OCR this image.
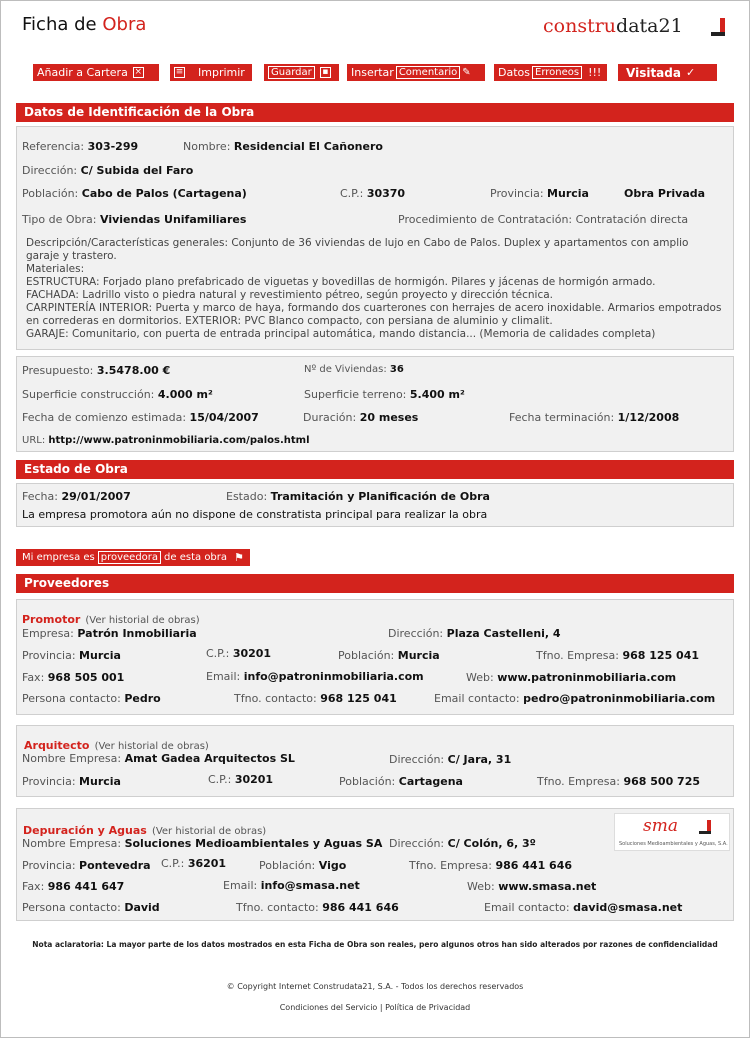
Ficha de Obra	construdata21
Añadir a Cartera ×	≡ Imprimir	Guardar	▪ Insertar Comentario ✎ Datos Erroneos !!! Visitada ✓
Datos de Identificación de la Obra
Referencia: 303-299	Nombre: Residencial El Cañonero
Dirección: C/ Subida del Faro
Población: Cabo de Palos (Cartagena)	C.P.: 30370	Provincia: Murcia	Obra Privada
Tipo de Obra: Viviendas Unifamiliares	Procedimiento de Contratación: Contratación directa
Descripción/Características generales: Conjunto de 36 viviendas de lujo en Cabo de Palos. Duplex y apartamentos con amplio garaje y trastero.
Materiales:
ESTRUCTURA: Forjado plano prefabricado de viguetas y bovedillas de hormigón. Pilares y jácenas de hormigón armado.
FACHADA: Ladrillo visto o piedra natural y revestimiento pétreo, según proyecto y dirección técnica.
CARPINTERÍA INTERIOR: Puerta y marco de haya, formando dos cuarterones con herrajes de acero inoxidable. Armarios empotrados en correderas en dormitorios. EXTERIOR: PVC Blanco compacto, con persiana de aluminio y climalit.
GARAJE: Comunitario, con puerta de entrada principal automática, mando distancia... (Memoria de calidades completa)
Presupuesto: 3.5478.00 €	Nº de Viviendas: 36
Superficie construcción: 4.000 m²	Superficie terreno: 5.400 m²
Fecha de comienzo estimada: 15/04/2007	Duración: 20 meses	Fecha terminación: 1/12/2008
URL: http://www.patroninmobiliaria.com/palos.html
Estado de Obra
Fecha: 29/01/2007	Estado: Tramitación y Planificación de Obra
La empresa promotora aún no dispone de constratista principal para realizar la obra
Mi empresa es proveedora de esta obra ⚑
Proveedores
Promotor (Ver historial de obras)
Empresa: Patrón Inmobiliaria	Dirección: Plaza Castelleni, 4
Provincia: Murcia	C.P.: 30201	Población: Murcia	Tfno. Empresa: 968 125 041
Fax: 968 505 001	Email: info@patroninmobiliaria.com	Web: www.patroninmobiliaria.com
Persona contacto: Pedro	Tfno. contacto: 968 125 041	Email contacto: pedro@patroninmobiliaria.com
Arquitecto (Ver historial de obras)
Nombre Empresa: Amat Gadea Arquitectos SL	Dirección: C/ Jara, 31
Provincia: Murcia	C.P.: 30201	Población: Cartagena	Tfno. Empresa: 968 500 725
Depuración y Aguas (Ver historial de obras)	sma
Soluciones Medioambientales y Aguas, S.A.
Nombre Empresa: Soluciones Medioambientales y Aguas SA Dirección: C/ Colón, 6, 3º
Provincia: Pontevedra C.P.: 36201	Población: Vigo	Tfno. Empresa: 986 441 646
Fax: 986 441 647	Email: info@smasa.net	Web: www.smasa.net
Persona contacto: David	Tfno. contacto: 986 441 646	Email contacto: david@smasa.net
Nota aclaratoria: La mayor parte de los datos mostrados en esta Ficha de Obra son reales, pero algunos otros han sido alterados por razones de confidencialidad
© Copyright Internet Construdata21, S.A. - Todos los derechos reservados
Condiciones del Servicio | Política de Privacidad
